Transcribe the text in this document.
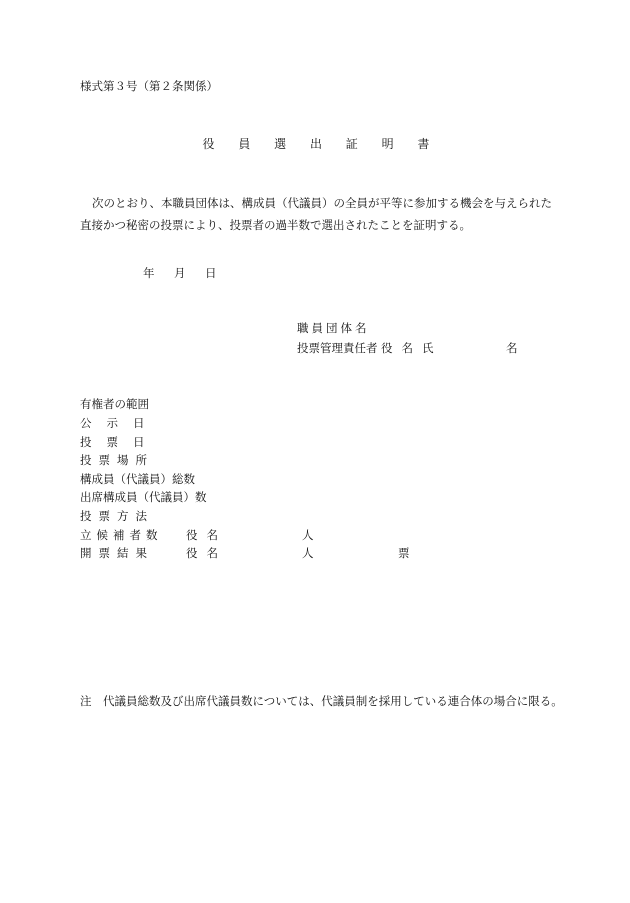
様式第３号（第２条関係）
役 員 選 出 証 明 書
次のとおり、本職員団体は、構成員（代議員）の全員が平等に参加する機会を与えられた直接かつ秘密の投票により、投票者の過半数で選出されたことを証明する。
年 月 日
職員団体名
投票管理責任者 役名氏	名
有権者の範囲
公示日
投票日
投票場所
構成員（代議員）総数
出席構成員（代議員）数
投票方法
立候補者数 役名	人
開票結果	役名	人	票
注　代議員総数及び出席代議員数については、代議員制を採用している連合体の場合に限る。
